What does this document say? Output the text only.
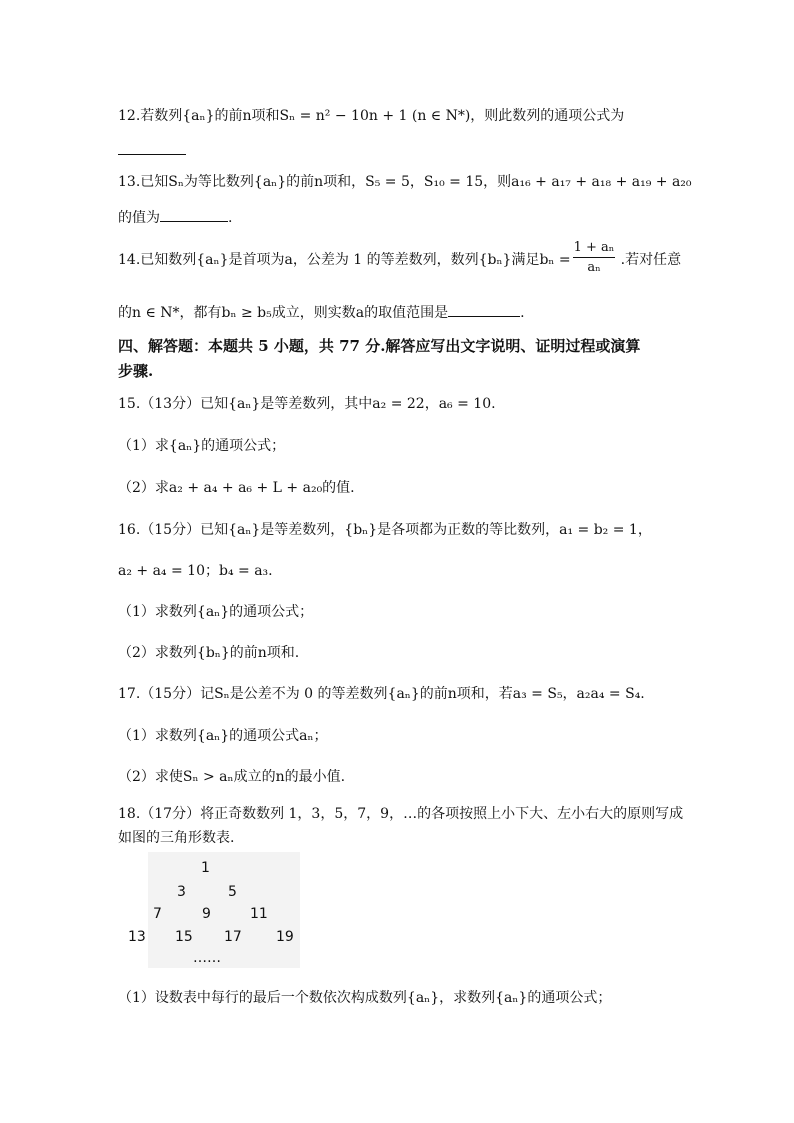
12.若数列{aₙ}的前n项和Sₙ = n² − 10n + 1 (n ∈ N*)，则此数列的通项公式为
13.已知Sₙ为等比数列{aₙ}的前n项和，S₅ = 5，S₁₀ = 15，则a₁₆ + a₁₇ + a₁₈ + a₁₉ + a₂₀
的值为	.
14.已知数列{aₙ}是首项为a，公差为 1 的等差数列，数列{bₙ}满足bₙ =	.若对任意
$\frac{\text{1 + aₙ}}{\text{aₙ}}$
的n ∈ N*，都有bₙ ≥ b₅成立，则实数a的取值范围是	.
四、解答题：本题共 5 小题，共 77 分.解答应写出文字说明、证明过程或演算
步骤.
15.（13分）已知{aₙ}是等差数列，其中a₂ = 22，a₆ = 10.
（1）求{aₙ}的通项公式；
（2）求a₂ + a₄ + a₆ + L + a₂₀的值.
16.（15分）已知{aₙ}是等差数列，{bₙ}是各项都为正数的等比数列，a₁ = b₂ = 1，
a₂ + a₄ = 10；b₄ = a₃.
（1）求数列{aₙ}的通项公式；
（2）求数列{bₙ}的前n项和.
17.（15分）记Sₙ是公差不为 0 的等差数列{aₙ}的前n项和，若a₃ = S₅，a₂a₄ = S₄.
（1）求数列{aₙ}的通项公式aₙ；
（2）求使Sₙ > aₙ成立的n的最小值.
18.（17分）将正奇数数列 1，3，5，7，9，…的各项按照上小下大、左小右大的原则写成
如图的三角形数表.
1
3	5
7	9	11
13 15 17 19
……
（1）设数表中每行的最后一个数依次构成数列{aₙ}，求数列{aₙ}的通项公式；
